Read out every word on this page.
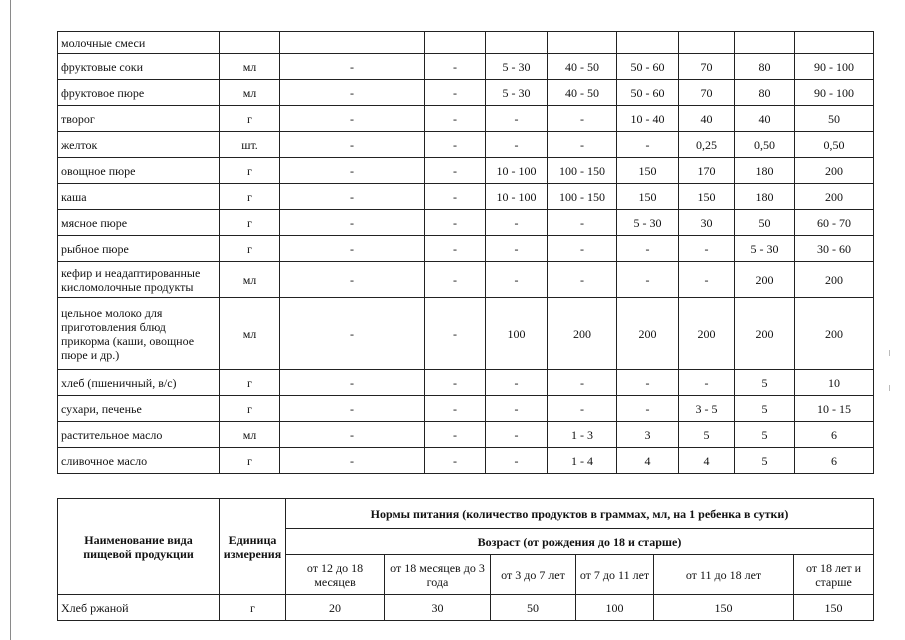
молочные смеси									
фруктовые соки	мл	-	-	5 - 30	40 - 50	50 - 60	70	80	90 - 100
фруктовое пюре	мл	-	-	5 - 30	40 - 50	50 - 60	70	80	90 - 100
творог	г	-	-	-	-	10 - 40	40	40	50
желток	шт.	-	-	-	-	-	0,25	0,50	0,50
овощное пюре	г	-	-	10 - 100	100 - 150	150	170	180	200
каша	г	-	-	10 - 100	100 - 150	150	150	180	200
мясное пюре	г	-	-	-	-	5 - 30	30	50	60 - 70
рыбное пюре	г	-	-	-	-	-	-	5 - 30	30 - 60
кефир и неадаптированные кисломолочные продукты	мл	-	-	-	-	-	-	200	200
цельное молоко для приготовления блюд прикорма (каши, овощное пюре и др.)	мл	-	-	100	200	200	200	200	200
хлеб (пшеничный, в/с)	г	-	-	-	-	-	-	5	10
сухари, печенье	г	-	-	-	-	-	3 - 5	5	10 - 15
растительное масло	мл	-	-	-	1 - 3	3	5	5	6
сливочное масло	г	-	-	-	1 - 4	4	4	5	6
Наименование вида пищевой продукции	Единица измерения	Нормы питания (количество продуктов в граммах, мл, на 1 ребенка в сутки)					
		Возраст (от рождения до 18 и старше)					
		от 12 до 18 месяцев	от 18 месяцев до 3 года	от 3 до 7 лет	от 7 до 11 лет	от 11 до 18 лет	от 18 лет и старше
Хлеб ржаной	г	20	30	50	100	150	150
